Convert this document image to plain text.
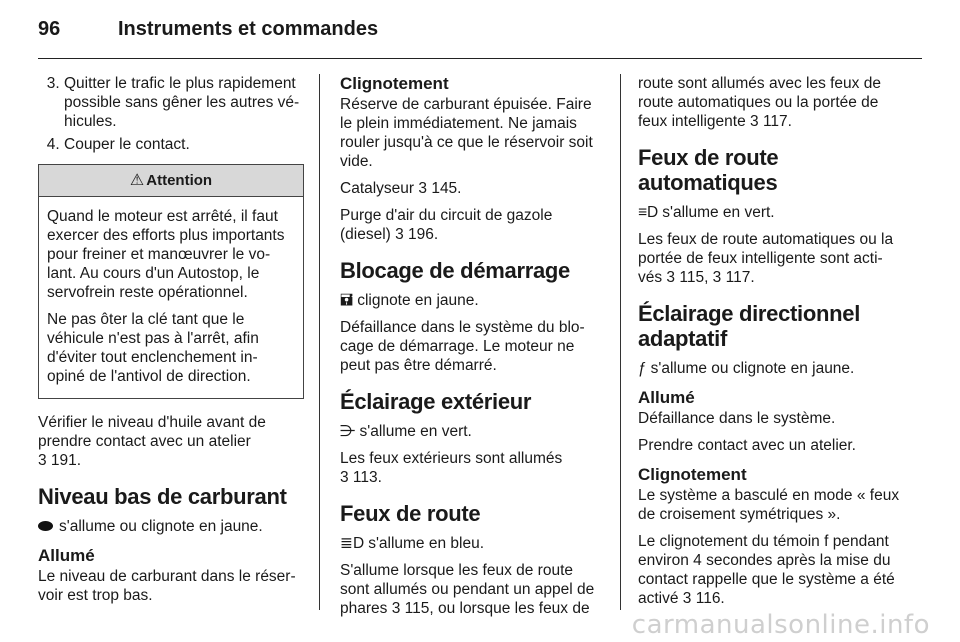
96	Instruments et commandes
3. Quitter le trafic le plus rapidement possible sans gêner les autres vé-hicules.
4. Couper le contact.
⚠ Attention

Quand le moteur est arrêté, il faut exercer des efforts plus importants pour freiner et manœuvrer le vo-lant. Au cours d'un Autostop, le servofrein reste opérationnel.

Ne pas ôter la clé tant que le véhicule n'est pas à l'arrêt, afin d'éviter tout enclenchement in-opiné de l'antivol de direction.

Vérifier le niveau d'huile avant de prendre contact avec un atelier
3 191.

Niveau bas de carburant

s'allume ou clignote en jaune.

Allumé

Le niveau de carburant dans le réser-voir est trop bas.

Clignotement

Réserve de carburant épuisée. Faire le plein immédiatement. Ne jamais rouler jusqu'à ce que le réservoir soit vide.

Catalyseur 3 145.

Purge d'air du circuit de gazole (diesel) 3 196.

Blocage de démarrage

🖬 clignote en jaune.

Défaillance dans le système du blo-cage de démarrage. Le moteur ne peut pas être démarré.

Éclairage extérieur

⋺ s'allume en vert.

Les feux extérieurs sont allumés
3 113.

Feux de route

≣D s'allume en bleu.

S'allume lorsque les feux de route sont allumés ou pendant un appel de phares 3 115, ou lorsque les feux de

route sont allumés avec les feux de route automatiques ou la portée de feux intelligente 3 117.

Feux de route automatiques

≡D s'allume en vert.

Les feux de route automatiques ou la portée de feux intelligente sont acti-vés 3 115, 3 117.

Éclairage directionnel adaptatif

ƒ s'allume ou clignote en jaune.

Allumé

Défaillance dans le système.

Prendre contact avec un atelier.

Clignotement

Le système a basculé en mode « feux de croisement symétriques ».

Le clignotement du témoin f pendant environ 4 secondes après la mise du contact rappelle que le système a été activé 3 116.

carmanualsonline.info
